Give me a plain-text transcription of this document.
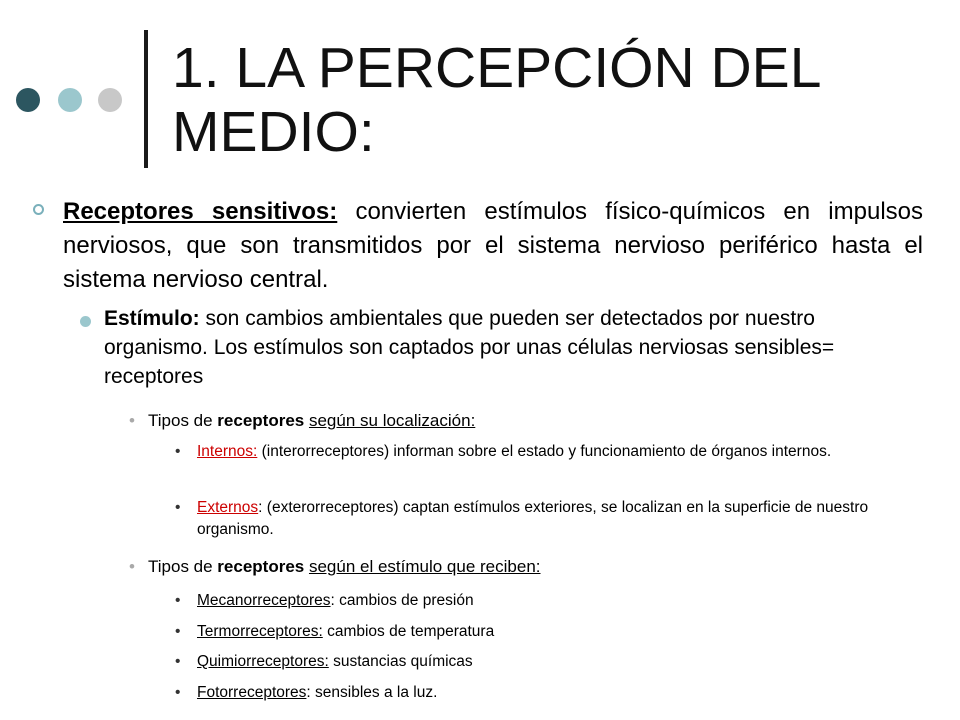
1. LA PERCEPCIÓN DEL MEDIO:

Receptores sensitivos: convierten estímulos físico-químicos en impulsos nerviosos, que son transmitidos por el sistema nervioso periférico hasta el sistema nervioso central.

Estímulo: son cambios ambientales que pueden ser detectados por nuestro organismo. Los estímulos son captados por unas células nerviosas sensibles= receptores

• Tipos de receptores según su localización:
• Internos: (interorreceptores) informan sobre el estado y funcionamiento de órganos internos.
• Externos: (exterorreceptores) captan estímulos exteriores, se localizan en la superficie de nuestro organismo.
• Tipos de receptores según el estímulo que reciben:
• Mecanorreceptores: cambios de presión
• Termorreceptores: cambios de temperatura
• Quimiorreceptores: sustancias químicas
• Fotorreceptores: sensibles a la luz.
